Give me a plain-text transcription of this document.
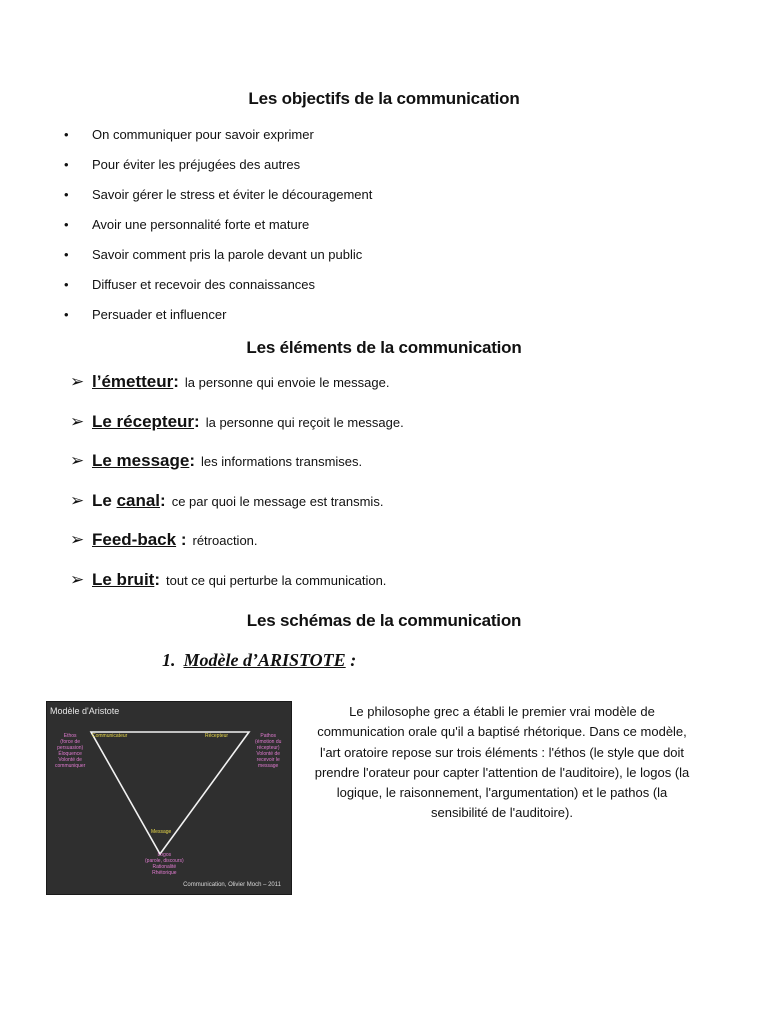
Les objectifs de la communication
•	On communiquer pour savoir exprimer
•	Pour éviter les préjugées des autres
•	Savoir gérer le stress et éviter le découragement
•	Avoir une personnalité forte et mature
•	Savoir comment pris la parole devant un public
•	Diffuser et recevoir des connaissances
•	Persuader et influencer
Les éléments de la communication
➢ l’émetteur: la personne qui envoie le message.
➢ Le récepteur: la personne qui reçoit le message.
➢ Le message: les informations transmises.
➢ Le canal: ce par quoi le message est transmis.
➢ Feed-back : rétroaction.
➢ Le bruit: tout ce qui perturbe la communication.
Les schémas de la communication
1. Modèle d’ARISTOTE :
Modèle d'Aristote
Communicateur	Récepteur
Message
Ethos
(force de
persuasion)
Éloquence
Volonté de
communiquer
Pathos
(émotion du
récepteur)
Volonté de
recevoir le
message
Logos
(parole, discours)
Rationalité
Rhétorique
Communication, Olivier Moch – 2011
Le philosophe grec a établi le premier vrai modèle de communication orale qu'il a baptisé rhétorique. Dans ce modèle, l'art oratoire repose sur trois éléments : l'éthos (le style que doit prendre l'orateur pour capter l'attention de l'auditoire), le logos (la logique, le raisonnement, l'argumentation) et le pathos (la sensibilité de l'auditoire).
